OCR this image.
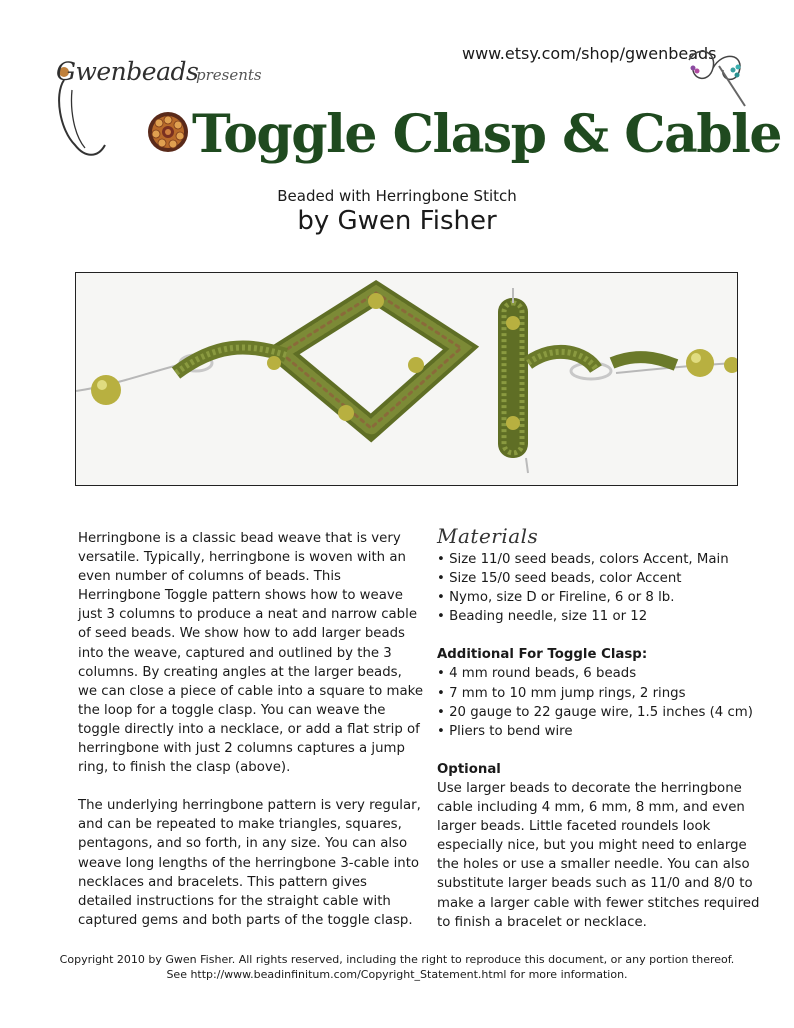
Gwenbeads
presents
www.etsy.com/shop/gwenbeads
Toggle Clasp & Cable
Beaded with Herringbone Stitch
by Gwen Fisher

Herringbone is a classic bead weave that is very versatile. Typically, herringbone is woven with an even number of columns of beads. This Herringbone Toggle pattern shows how to weave just 3 columns to produce a neat and narrow cable of seed beads. We show how to add larger beads into the weave, captured and outlined by the 3 columns. By creating angles at the larger beads, we can close a piece of cable into a square to make the loop for a toggle clasp. You can weave the toggle directly into a necklace, or add a flat strip of herringbone with just 2 columns captures a jump ring, to finish the clasp (above).

The underlying herringbone pattern is very regular, and can be repeated to make triangles, squares, pentagons, and so forth, in any size. You can also weave long lengths of the herringbone 3-cable into necklaces and bracelets. This pattern gives detailed instructions for the straight cable with captured gems and both parts of the toggle clasp.

Materials
• Size 11/0 seed beads, colors Accent, Main
• Size 15/0 seed beads, color Accent
• Nymo, size D or Fireline, 6 or 8 lb.
• Beading needle, size 11 or 12
Additional For Toggle Clasp:
• 4 mm round beads, 6 beads
• 7 mm to 10 mm jump rings, 2 rings
• 20 gauge to 22 gauge wire, 1.5 inches (4 cm)
• Pliers to bend wire
Optional

Use larger beads to decorate the herringbone cable including 4 mm, 6 mm, 8 mm, and even larger beads. Little faceted roundels look especially nice, but you might need to enlarge the holes or use a smaller needle. You can also substitute larger beads such as 11/0 and 8/0 to make a larger cable with fewer stitches required to finish a bracelet or necklace.

Copyright 2010 by Gwen Fisher. All rights reserved, including the right to reproduce this document, or any portion thereof.
See http://www.beadinfinitum.com/Copyright_Statement.html for more information.
